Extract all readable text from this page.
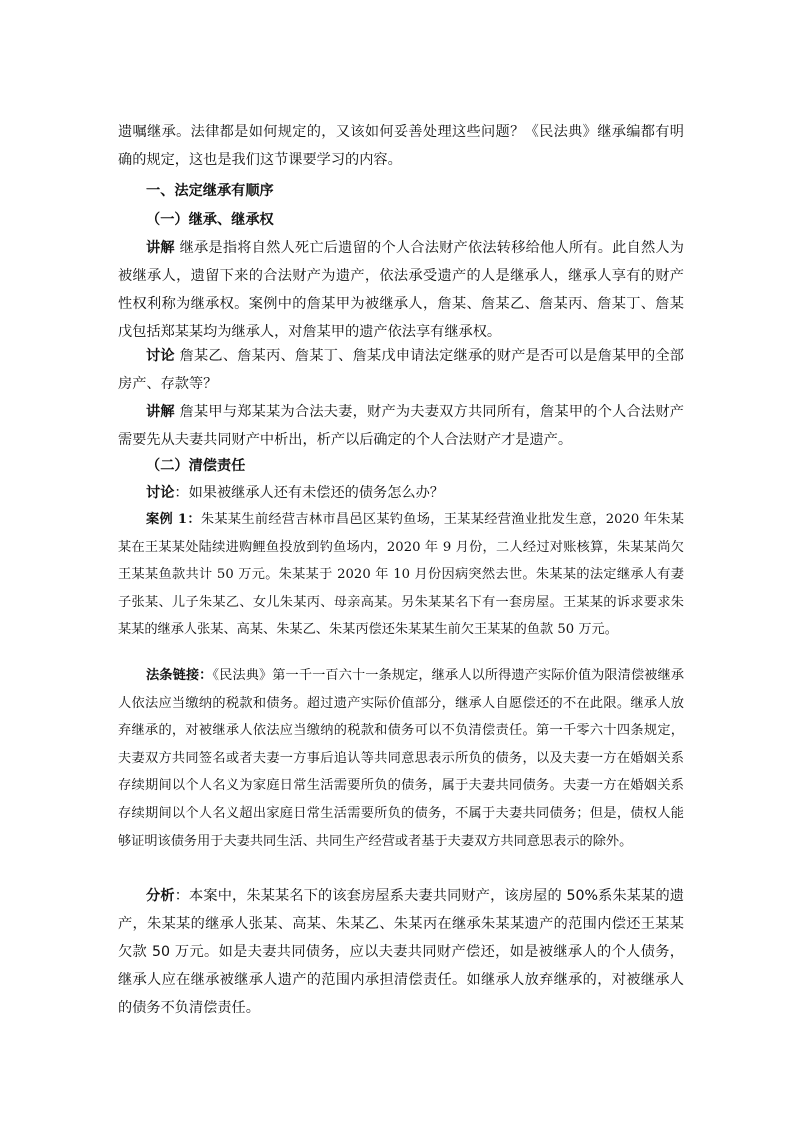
遗嘱继承。法律都是如何规定的，又该如何妥善处理这些问题？《民法典》继承编都有明确的规定，这也是我们这节课要学习的内容。

一、法定继承有顺序

（一）继承、继承权

讲解 继承是指将自然人死亡后遗留的个人合法财产依法转移给他人所有。此自然人为被继承人，遗留下来的合法财产为遗产，依法承受遗产的人是继承人，继承人享有的财产性权利称为继承权。案例中的詹某甲为被继承人，詹某、詹某乙、詹某丙、詹某丁、詹某戊包括郑某某均为继承人，对詹某甲的遗产依法享有继承权。

讨论 詹某乙、詹某丙、詹某丁、詹某戊申请法定继承的财产是否可以是詹某甲的全部房产、存款等？

讲解 詹某甲与郑某某为合法夫妻，财产为夫妻双方共同所有，詹某甲的个人合法财产需要先从夫妻共同财产中析出，析产以后确定的个人合法财产才是遗产。

（二）清偿责任

讨论：如果被继承人还有未偿还的债务怎么办？

案例 1：朱某某生前经营吉林市昌邑区某钓鱼场，王某某经营渔业批发生意，2020 年朱某某在王某某处陆续进购鲤鱼投放到钓鱼场内，2020 年 9 月份，二人经过对账核算，朱某某尚欠王某某鱼款共计 50 万元。朱某某于 2020 年 10 月份因病突然去世。朱某某的法定继承人有妻子张某、儿子朱某乙、女儿朱某丙、母亲高某。另朱某某名下有一套房屋。王某某的诉求要求朱某某的继承人张某、高某、朱某乙、朱某丙偿还朱某某生前欠王某某的鱼款 50 万元。

法条链接：《民法典》第一千一百六十一条规定，继承人以所得遗产实际价值为限清偿被继承人依法应当缴纳的税款和债务。超过遗产实际价值部分，继承人自愿偿还的不在此限。继承人放弃继承的，对被继承人依法应当缴纳的税款和债务可以不负清偿责任。第一千零六十四条规定，夫妻双方共同签名或者夫妻一方事后追认等共同意思表示所负的债务，以及夫妻一方在婚姻关系存续期间以个人名义为家庭日常生活需要所负的债务，属于夫妻共同债务。夫妻一方在婚姻关系存续期间以个人名义超出家庭日常生活需要所负的债务，不属于夫妻共同债务；但是，债权人能够证明该债务用于夫妻共同生活、共同生产经营或者基于夫妻双方共同意思表示的除外。

分析：本案中，朱某某名下的该套房屋系夫妻共同财产，该房屋的 50%系朱某某的遗产，朱某某的继承人张某、高某、朱某乙、朱某丙在继承朱某某遗产的范围内偿还王某某欠款 50 万元。如是夫妻共同债务，应以夫妻共同财产偿还，如是被继承人的个人债务，继承人应在继承被继承人遗产的范围内承担清偿责任。如继承人放弃继承的，对被继承人的债务不负清偿责任。
